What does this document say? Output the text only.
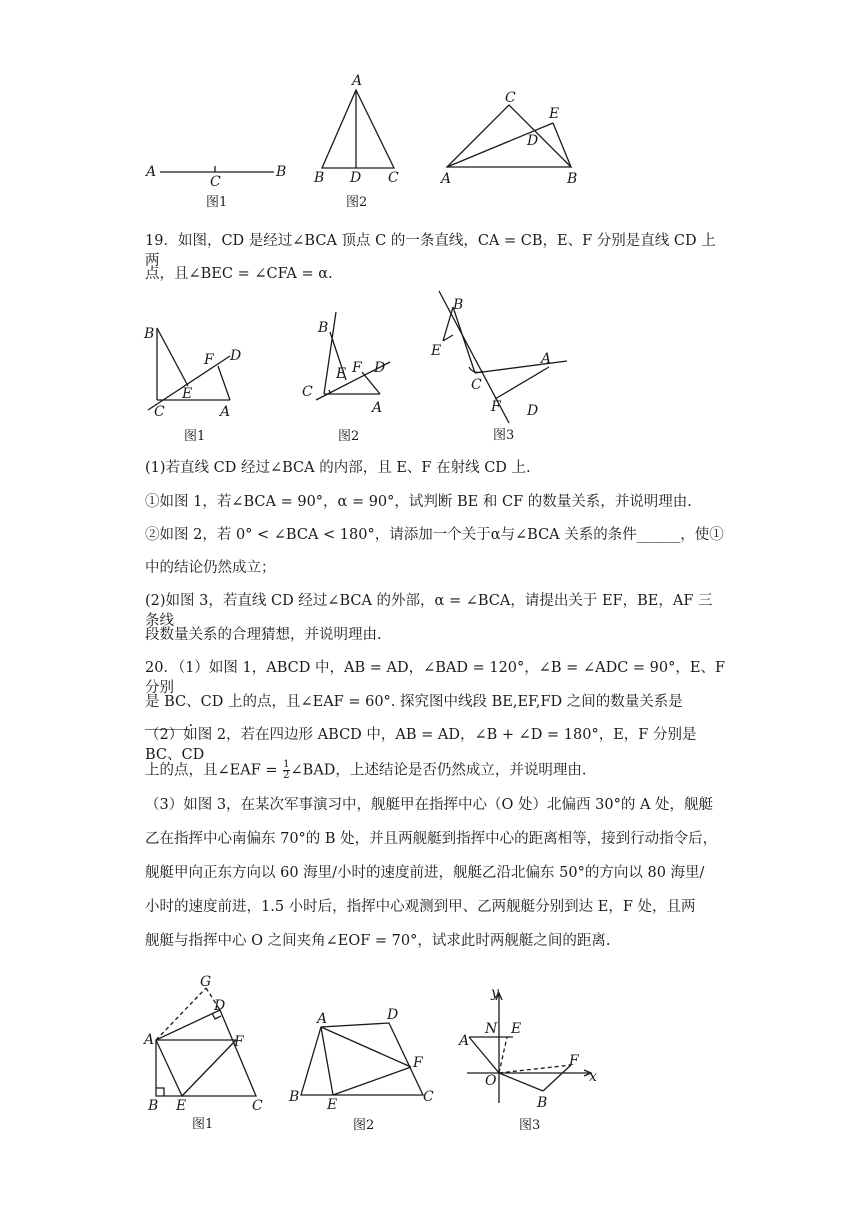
A	B
C
图1
A
B D C
图2
C
E
D
A	B

19．如图，CD 是经过∠BCA 顶点 C 的一条直线，CA = CB，E、F 分别是直线 CD 上两

点，且∠BEC = ∠CFA = α.

B
D
F
E
C	A
图1
B
D
F
E
C
A
图2
B
E	A
C
F D
图3

(1)若直线 CD 经过∠BCA 的内部，且 E、F 在射线 CD 上.

①如图 1，若∠BCA = 90°，α = 90°，试判断 BE 和 CF 的数量关系，并说明理由.

②如图 2，若 0° < ∠BCA < 180°，请添加一个关于α与∠BCA 关系的条件______，使①

中的结论仍然成立；

(2)如图 3，若直线 CD 经过∠BCA 的外部，α = ∠BCA，请提出关于 EF，BE，AF 三条线

段数量关系的合理猜想，并说明理由.

20．（1）如图 1，ABCD 中，AB = AD，∠BAD = 120°，∠B = ∠ADC = 90°，E、F 分别

是 BC、CD 上的点，且∠EAF = 60°. 探究图中线段 BE,EF,FD 之间的数量关系是______.

（2）如图 2，若在四边形 ABCD 中，AB = AD，∠B + ∠D = 180°，E，F 分别是 BC、CD

上的点，且∠EAF = $\frac{1}{2}$ ∠BAD，上述结论是否仍然成立，并说明理由.

（3）如图 3，在某次军事演习中，舰艇甲在指挥中心（O 处）北偏西 30°的 A 处，舰艇

乙在指挥中心南偏东 70°的 B 处，并且两舰艇到指挥中心的距离相等，接到行动指令后，

舰艇甲向正东方向以 60 海里/小时的速度前进，舰艇乙沿北偏东 50°的方向以 80 海里/

小时的速度前进，1.5 小时后，指挥中心观测到甲、乙两舰艇分别到达 E，F 处，且两

舰艇与指挥中心 O 之间夹角∠EOF = 70°，试求此时两舰艇之间的距离.

G
D
A	F
B E	C
图1
A	D
F
B E	C
图2
y
N E
A
F
O	x
B
图3
